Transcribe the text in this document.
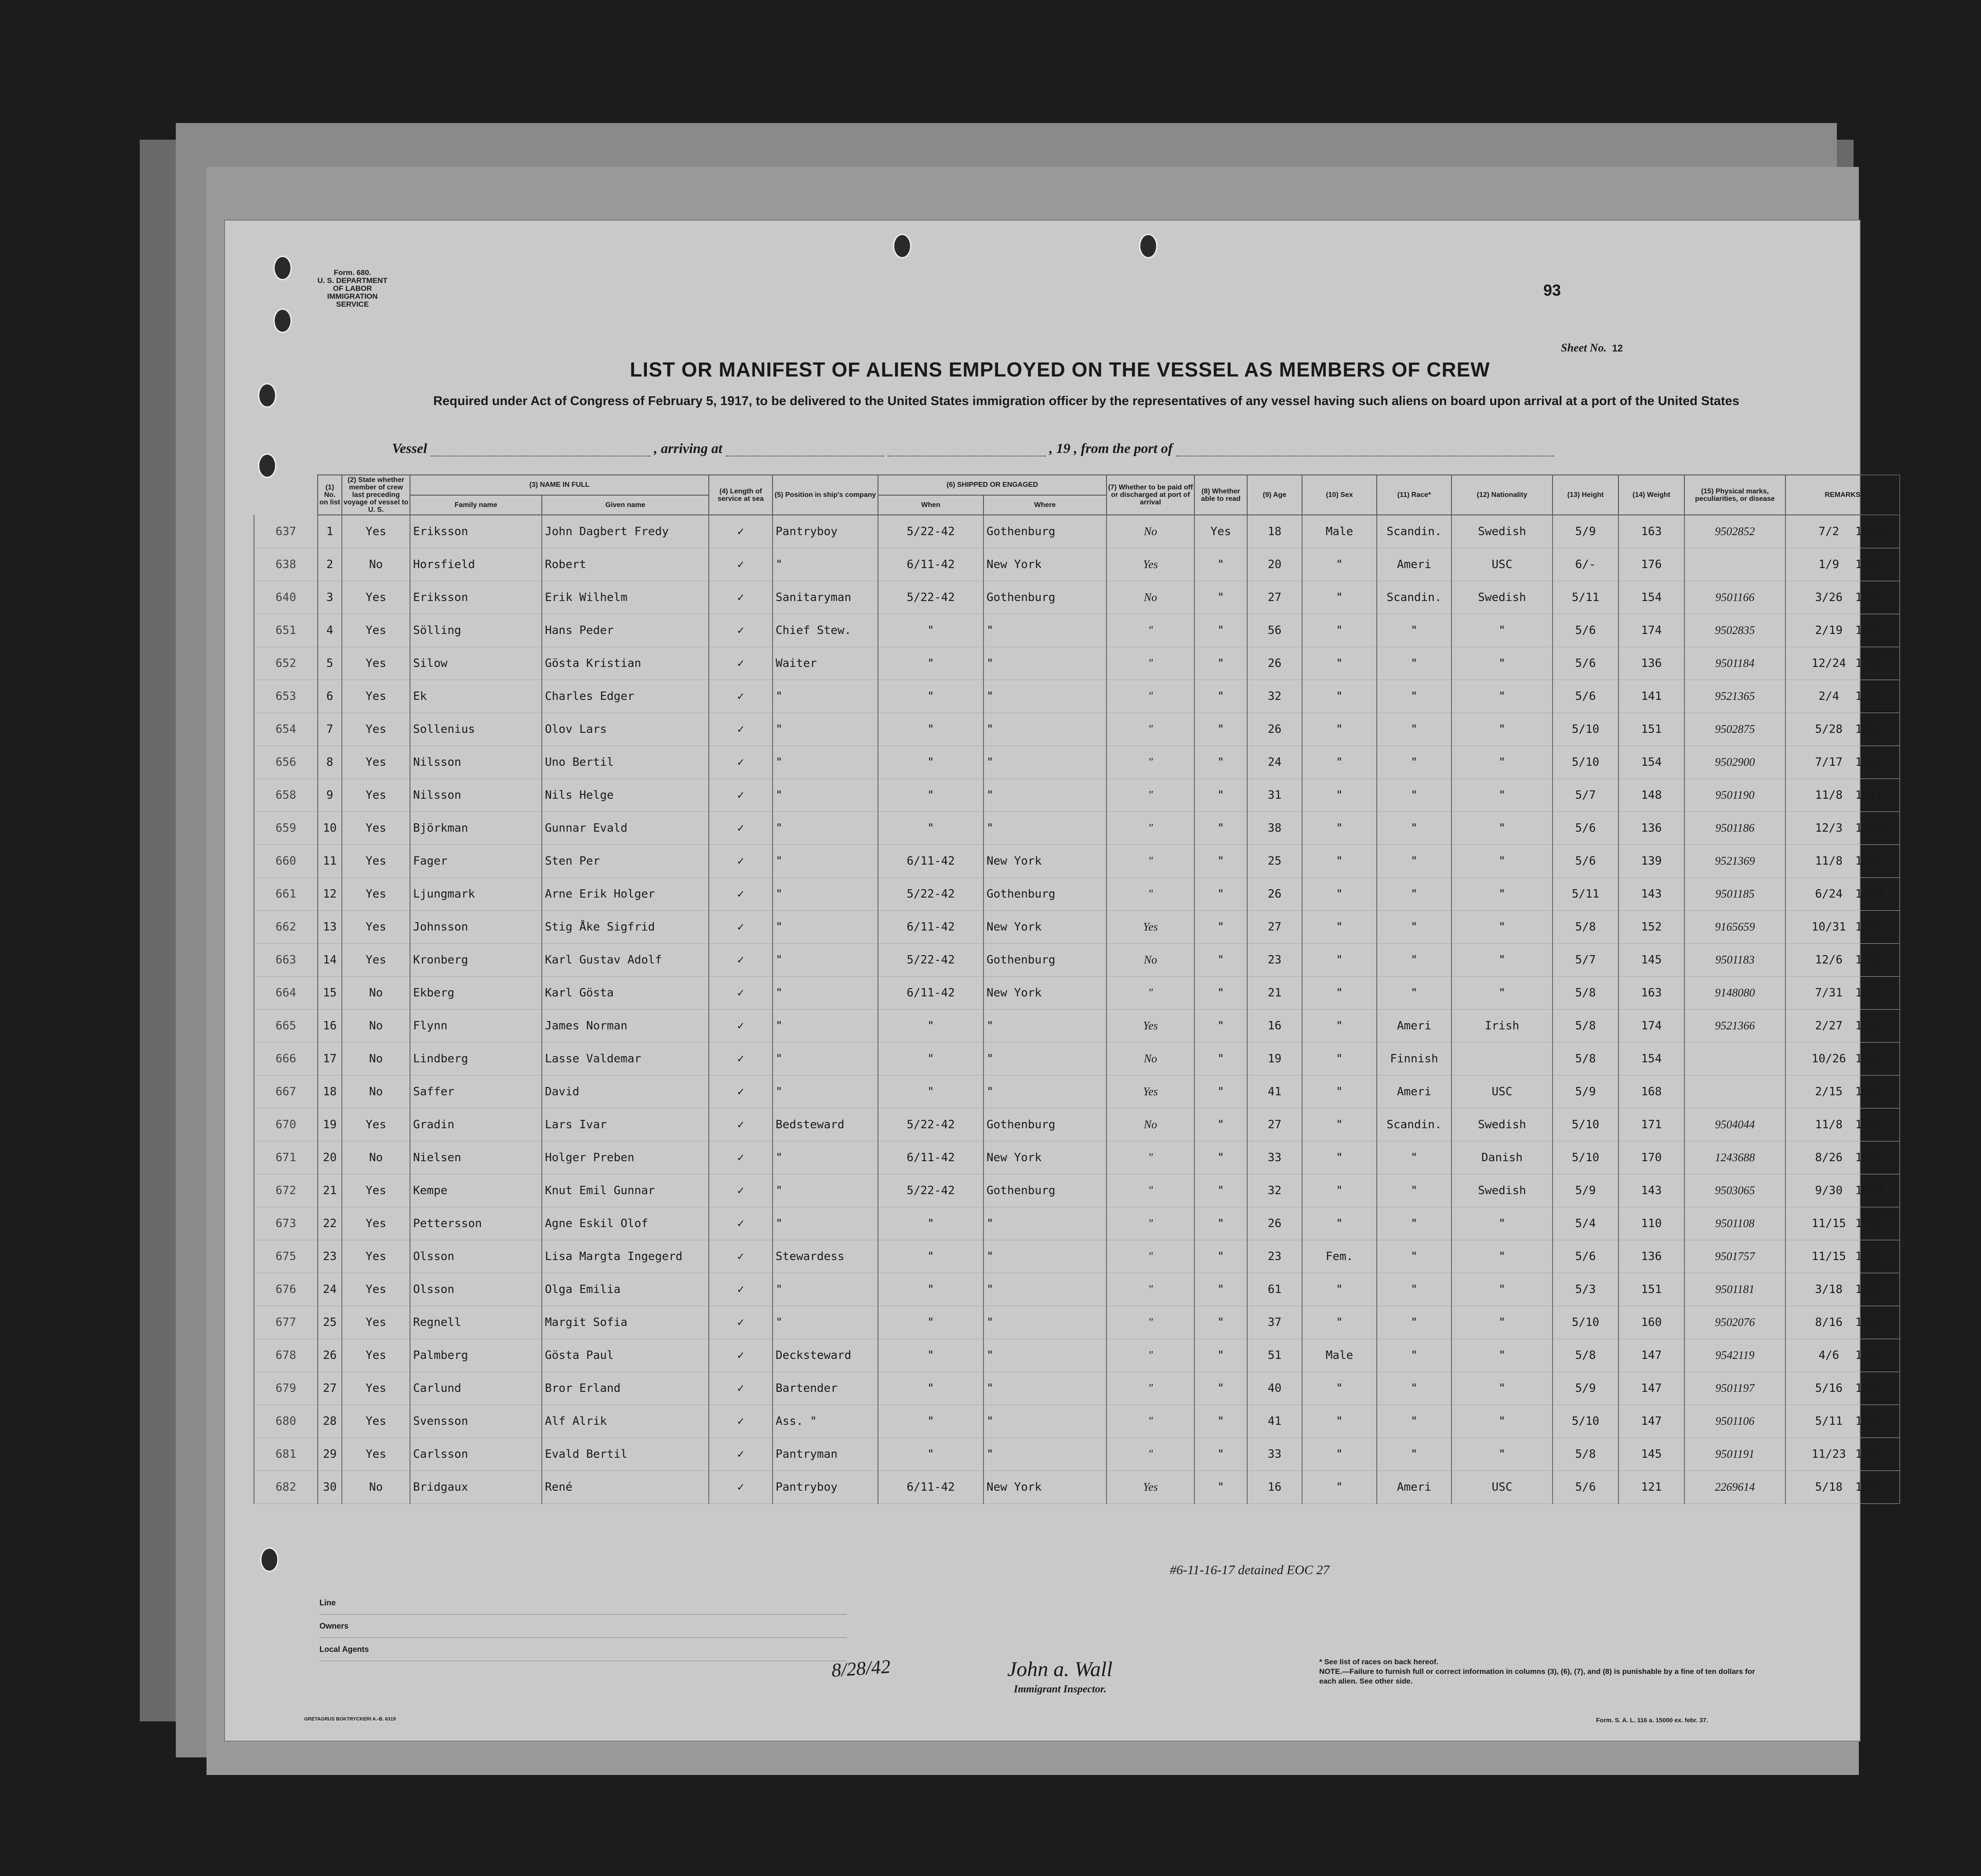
Form. 680.
U. S. DEPARTMENT OF LABOR
IMMIGRATION SERVICE
93
Sheet No. 12
LIST OR MANIFEST OF ALIENS EMPLOYED ON THE VESSEL AS MEMBERS OF CREW
Required under Act of Congress of February 5, 1917, to be delivered to the United States immigration officer by the representatives of any vessel having such aliens on board upon arrival at a port of the United States
Vessel	, arriving at	, 19 , from the port of
	(1) No. on list	(2) State whether member of crew last preceding voyage of vessel to U. S.	(3) NAME IN FULL		(4) Length of service at sea	(5) Position in ship's company	(6) SHIPPED OR ENGAGED		(7) Whether to be paid off or discharged at port of arrival	(8) Whether able to read	(9) Age	(10) Sex	(11) Race*	(12) Nationality	(13) Height	(14) Weight	(15) Physical marks, peculiarities, or disease	REMARKS
			Family name	Given name			When	Where										
637	1	Yes	Eriksson	John Dagbert Fredy	✓	Pantryboy	5/22-42	Gothenburg	No	Yes	18	Male	Scandin.	Swedish	5/9	163	9502852	7/2 1924
638	2	No	Horsfield	Robert	✓	"	6/11-42	New York	Yes	"	20	"	Ameri	USC	6/-	176		1/9 1922
640	3	Yes	Eriksson	Erik Wilhelm	✓	Sanitaryman	5/22-42	Gothenburg	No	"	27	"	Scandin.	Swedish	5/11	154	9501166	3/26 1915
651	4	Yes	Sölling	Hans Peder	✓	Chief Stew.	"	"	"	"	56	"	"	"	5/6	174	9502835	2/19 1886
652	5	Yes	Silow	Gösta Kristian	✓	Waiter	"	"	"	"	26	"	"	"	5/6	136	9501184	12/24 1916
653	6	Yes	Ek	Charles Edger	✓	"	"	"	"	"	32	"	"	"	5/6	141	9521365	2/4 1910
654	7	Yes	Sollenius	Olov Lars	✓	"	"	"	"	"	26	"	"	"	5/10	151	9502875	5/28 1914
656	8	Yes	Nilsson	Uno Bertil	✓	"	"	"	"	"	24	"	"	"	5/10	154	9502900	7/17 1918
658	9	Yes	Nilsson	Nils Helge	✓	"	"	"	"	"	31	"	"	"	5/7	148	9501190	11/8 1911
659	10	Yes	Björkman	Gunnar Evald	✓	"	"	"	"	"	38	"	"	"	5/6	136	9501186	12/3 1904
660	11	Yes	Fager	Sten Per	✓	"	6/11-42	New York	"	"	25	"	"	"	5/6	139	9521369	11/8 1917
661	12	Yes	Ljungmark	Arne Erik Holger	✓	"	5/22-42	Gothenburg	"	"	26	"	"	"	5/11	143	9501185	6/24 1916
662	13	Yes	Johnsson	Stig Åke Sigfrid	✓	"	6/11-42	New York	Yes	"	27	"	"	"	5/8	152	9165659	10/31 1915
663	14	Yes	Kronberg	Karl Gustav Adolf	✓	"	5/22-42	Gothenburg	No	"	23	"	"	"	5/7	145	9501183	12/6 1919
664	15	No	Ekberg	Karl Gösta	✓	"	6/11-42	New York	"	"	21	"	"	"	5/8	163	9148080	7/31 1921
665	16	No	Flynn	James Norman	✓	"	"	"	Yes	"	16	"	Ameri	Irish	5/8	174	9521366	2/27 1924
666	17	No	Lindberg	Lasse Valdemar	✓	"	"	"	No	"	19	"	Finnish		5/8	154		10/26 1923
667	18	No	Saffer	David	✓	"	"	"	Yes	"	41	"	Ameri	USC	5/9	168		2/15 1901
670	19	Yes	Gradin	Lars Ivar	✓	Bedsteward	5/22-42	Gothenburg	No	"	27	"	Scandin.	Swedish	5/10	171	9504044	11/8 1915
671	20	No	Nielsen	Holger Preben	✓	"	6/11-42	New York	"	"	33	"	"	Danish	5/10	170	1243688	8/26 1909
672	21	Yes	Kempe	Knut Emil Gunnar	✓	"	5/22-42	Gothenburg	"	"	32	"	"	Swedish	5/9	143	9503065	9/30 1910
673	22	Yes	Pettersson	Agne Eskil Olof	✓	"	"	"	"	"	26	"	"	"	5/4	110	9501108	11/15 1916
675	23	Yes	Olsson	Lisa Margta Ingegerd	✓	Stewardess	"	"	"	"	23	Fem.	"	"	5/6	136	9501757	11/15 1919
676	24	Yes	Olsson	Olga Emilia	✓	"	"	"	"	"	61	"	"	"	5/3	151	9501181	3/18 1881
677	25	Yes	Regnell	Margit Sofia	✓	"	"	"	"	"	37	"	"	"	5/10	160	9502076	8/16 1905
678	26	Yes	Palmberg	Gösta Paul	✓	Decksteward	"	"	"	"	51	Male	"	"	5/8	147	9542119	4/6 1891
679	27	Yes	Carlund	Bror Erland	✓	Bartender	"	"	"	"	40	"	"	"	5/9	147	9501197	5/16 1902
680	28	Yes	Svensson	Alf Alrik	✓	Ass. "	"	"	"	"	41	"	"	"	5/10	147	9501106	5/11 1901
681	29	Yes	Carlsson	Evald Bertil	✓	Pantryman	"	"	"	"	33	"	"	"	5/8	145	9501191	11/23 1909
682	30	No	Bridgaux	René	✓	Pantryboy	6/11-42	New York	Yes	"	16	"	Ameri	USC	5/6	121	2269614	5/18 1926
#6-11-16-17 detained EOC 27
Line
Owners
Local Agents
8/28/42	John a. Wall
Immigrant Inspector.
* See list of races on back hereof.
NOTE.—Failure to furnish full or correct information in columns (3), (6), (7), and (8) is punishable by a fine of ten dollars for each alien. See other side.
Form. S. A. L. 116 a. 15000 ex. febr. 37.
GRETAGRUS BOKTRYCKERI A.-B. 6319
